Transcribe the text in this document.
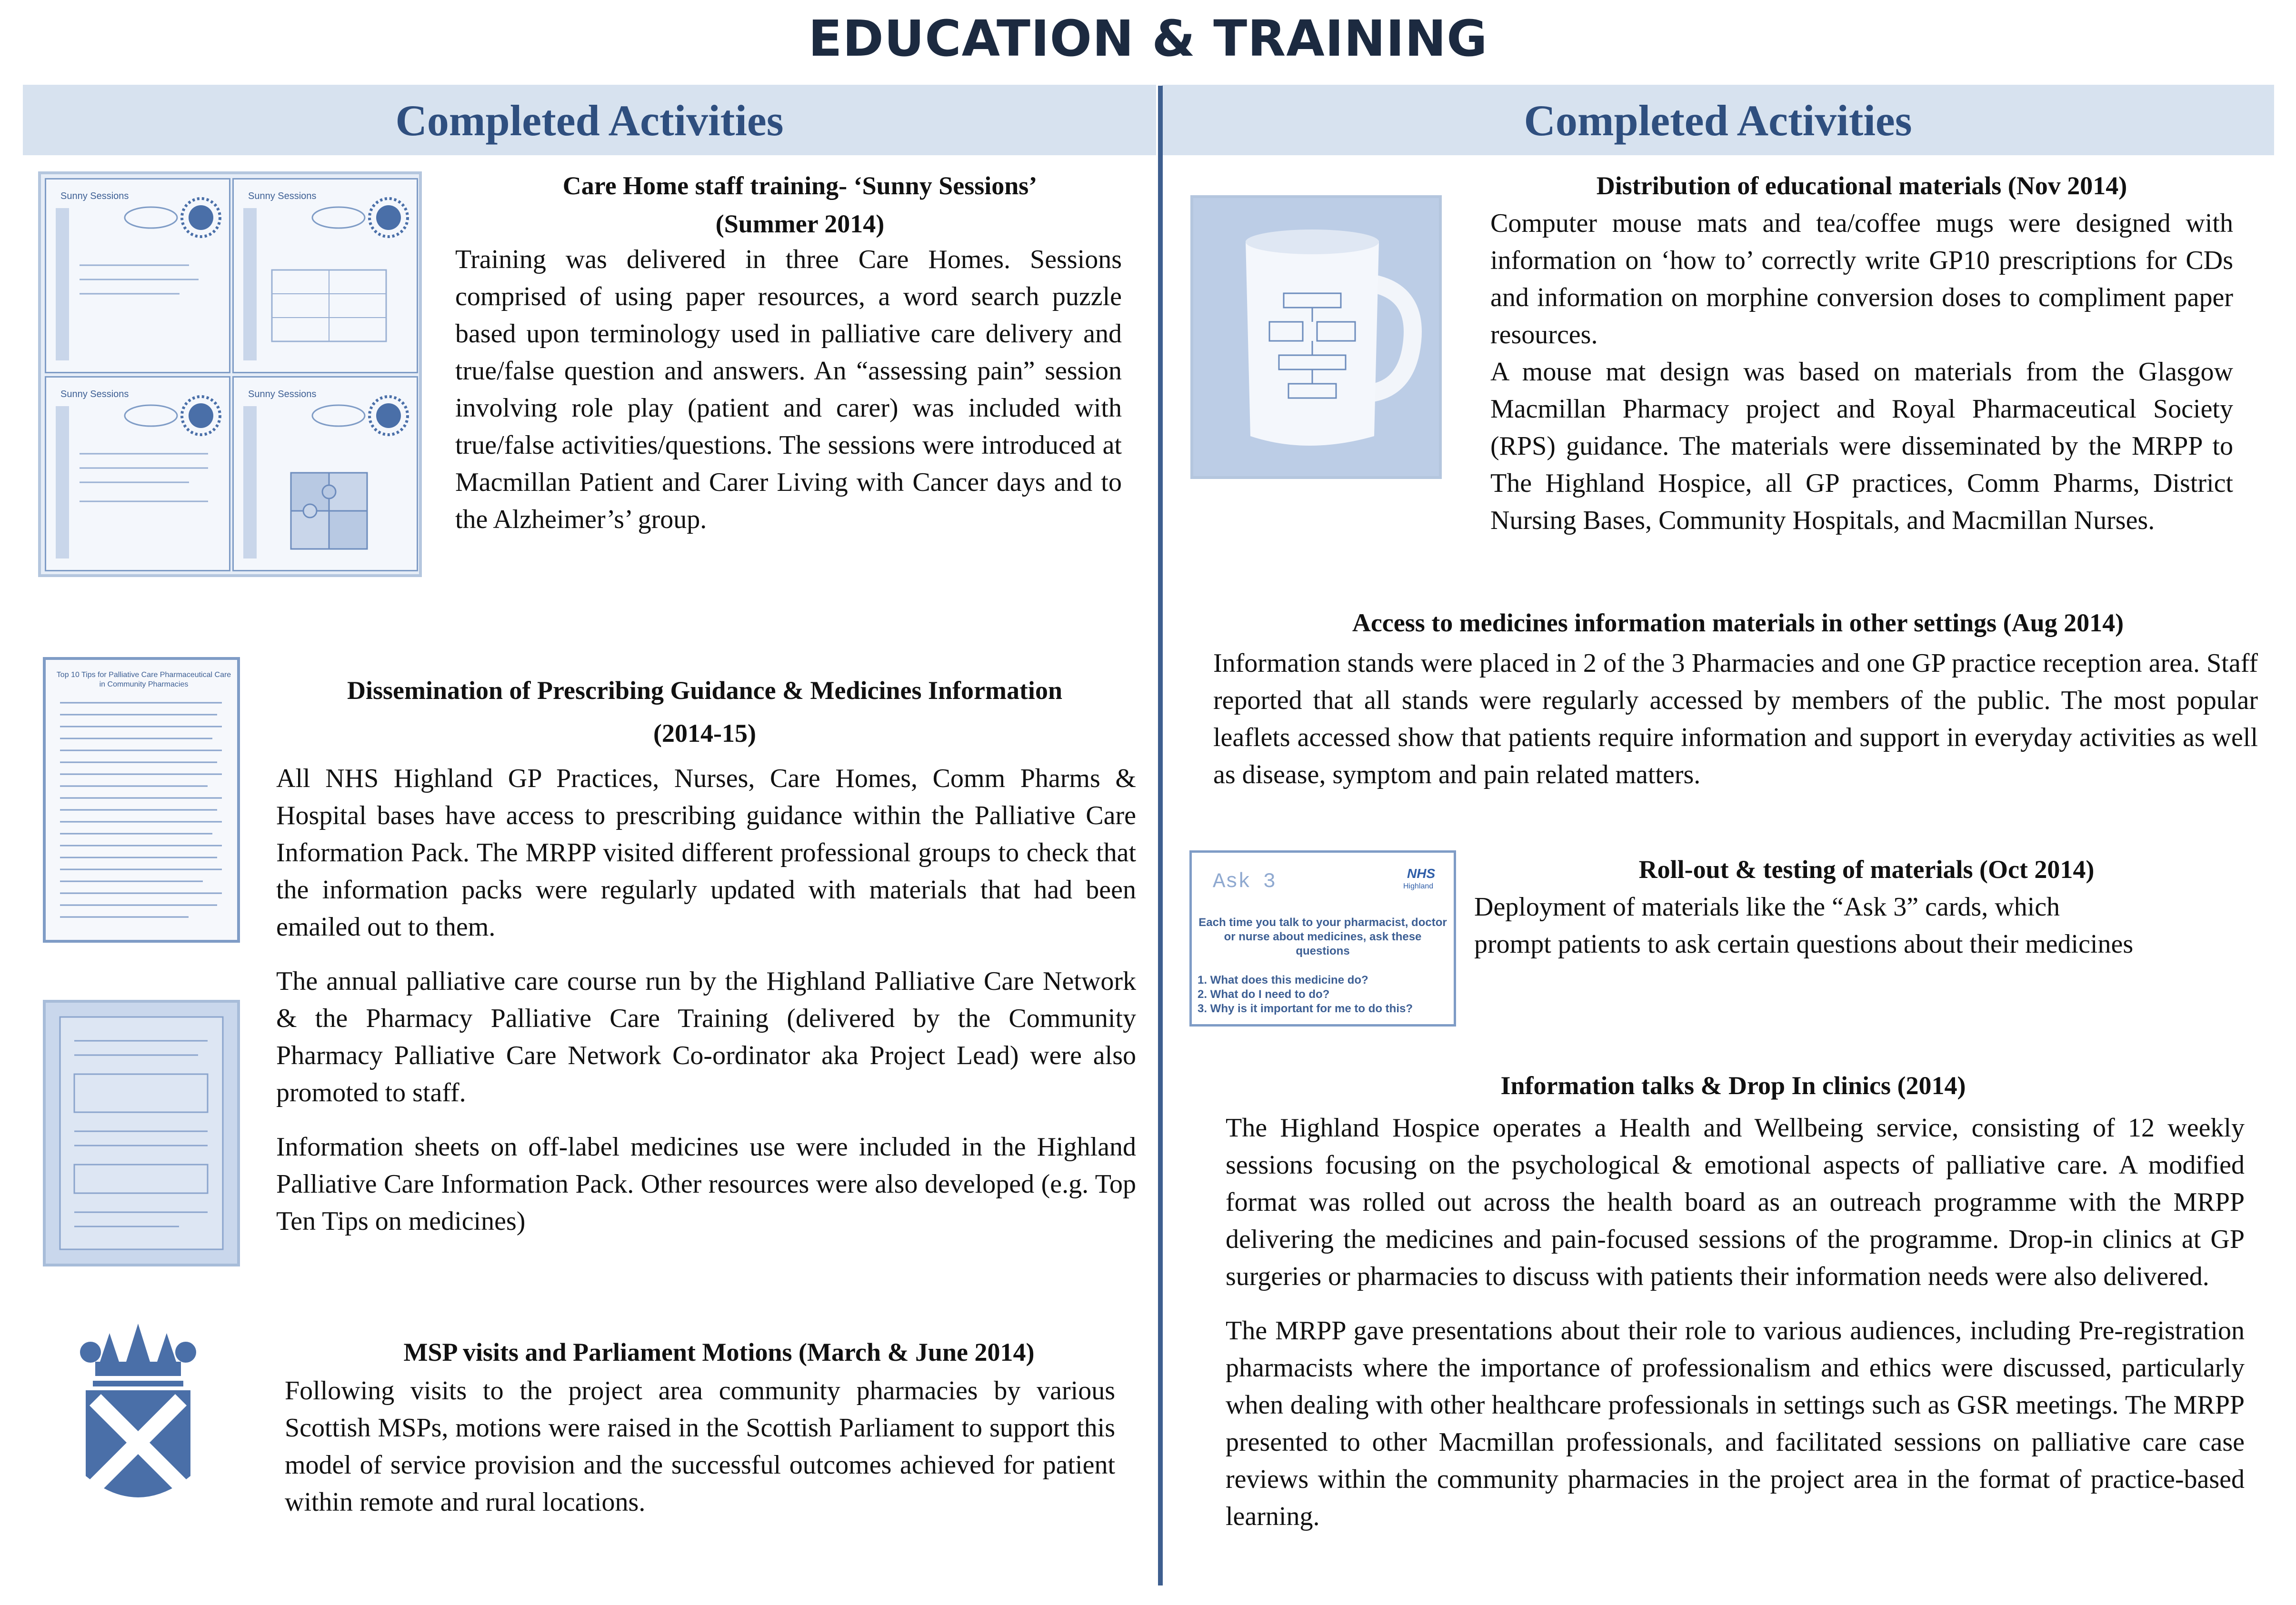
EDUCATION & TRAINING
Completed Activities	Completed Activities
Sunny Sessions	Sunny Sessions
Sunny Sessions	Sunny Sessions
Care Home staff training- ‘Sunny Sessions’
(Summer 2014)
Training was delivered in three Care Homes. Sessions comprised of using paper resources, a word search puzzle based upon terminology used in palliative care delivery and true/false question and answers. An “assessing pain” session involving role play (patient and carer) was included with true/false activities/questions. The sessions were introduced at Macmillan Patient and Carer Living with Cancer days and to the Alzheimer’s’ group.
Top 10 Tips for Palliative Care Pharmaceutical Care in Community Pharmacies	Dissemination of Prescribing Guidance & Medicines Information
(2014-15)

All NHS Highland GP Practices, Nurses, Care Homes, Comm Pharms & Hospital bases have access to prescribing guidance within the Palliative Care Information Pack. The MRPP visited different professional groups to check that the information packs were regularly updated with materials that had been emailed out to them.

The annual palliative care course run by the Highland Palliative Care Network & the Pharmacy Palliative Care Training (delivered by the Community Pharmacy Palliative Care Network Co-ordinator aka Project Lead) were also promoted to staff.

Information sheets on off-label medicines use were included in the Highland Palliative Care Information Pack. Other resources were also developed (e.g. Top Ten Tips on medicines)

MSP visits and Parliament Motions (March & June 2014)
Following visits to the project area community pharmacies by various Scottish MSPs, motions were raised in the Scottish Parliament to support this model of service provision and the successful outcomes achieved for patient within remote and rural locations.
Distribution of educational materials (Nov 2014)

Computer mouse mats and tea/coffee mugs were designed with information on ‘how to’ correctly write GP10 prescriptions for CDs and information on morphine conversion doses to compliment paper resources.

A mouse mat design was based on materials from the Glasgow Macmillan Pharmacy project and Royal Pharmaceutical Society (RPS) guidance. The materials were disseminated by the MRPP to The Highland Hospice, all GP practices, Comm Pharms, District Nursing Bases, Community Hospitals, and Macmillan Nurses.

Access to medicines information materials in other settings (Aug 2014)
Information stands were placed in 2 of the 3 Pharmacies and one GP practice reception area. Staff reported that all stands were regularly accessed by members of the public. The most popular leaflets accessed show that patients require information and support in everyday activities as well as disease, symptom and pain related matters.
Ask 3	NHS
Highland
Each time you talk to your pharmacist, doctor or nurse about medicines, ask these questions
1. What does this medicine do?
2. What do I need to do?
3. Why is it important for me to do this?
Roll-out & testing of materials (Oct 2014)
Deployment of materials like the “Ask 3” cards, which prompt patients to ask certain questions about their medicines
Information talks & Drop In clinics (2014)

The Highland Hospice operates a Health and Wellbeing service, consisting of 12 weekly sessions focusing on the psychological & emotional aspects of palliative care. A modified format was rolled out across the health board as an outreach programme with the MRPP delivering the medicines and pain-focused sessions of the programme. Drop-in clinics at GP surgeries or pharmacies to discuss with patients their information needs were also delivered.

The MRPP gave presentations about their role to various audiences, including Pre-registration pharmacists where the importance of professionalism and ethics were discussed, particularly when dealing with other healthcare professionals in settings such as GSR meetings. The MRPP presented to other Macmillan professionals, and facilitated sessions on palliative care case reviews within the community pharmacies in the project area in the format of practice-based learning.
